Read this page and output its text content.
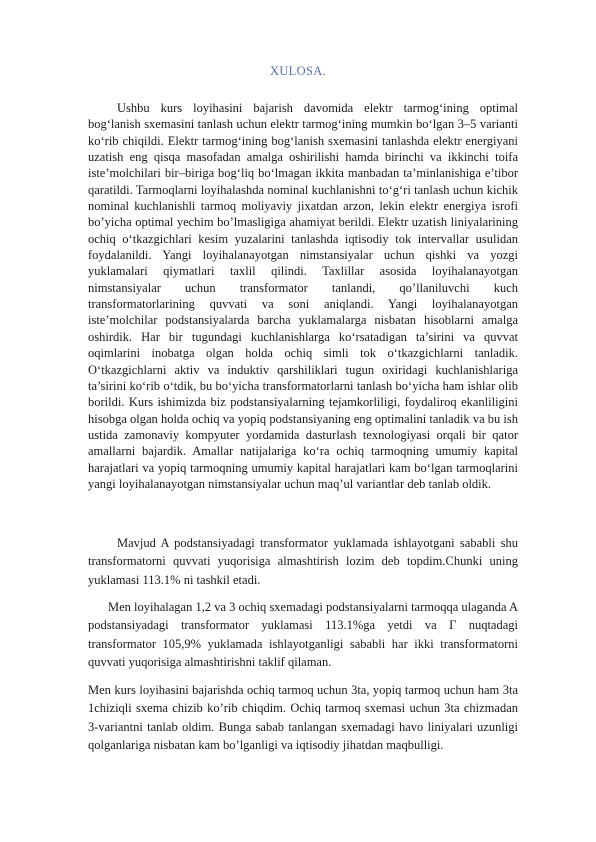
XULOSA.

Ushbu kurs loyihasini bajarish davomida elektr tarmog‘ining optimal bog‘lanish sxemasini tanlash uchun elektr tarmog‘ining mumkin bo‘lgan 3–5 varianti ko‘rib chiqildi. Elektr tarmog‘ining bog‘lanish sxemasini tanlashda elektr energiyani uzatish eng qisqa masofadan amalga oshirilishi hamda birinchi va ikkinchi toifa iste’molchilari bir–biriga bog‘liq bo‘lmagan ikkita manbadan ta’minlanishiga e’tibor qaratildi. Tarmoqlarni loyihalashda nominal kuchlanishni to‘g‘ri tanlash uchun kichik nominal kuchlanishli tarmoq moliyaviy jixatdan arzon, lekin elektr energiya isrofi bo’yicha optimal yechim bo’lmasligiga ahamiyat berildi. Elektr uzatish liniyalarining ochiq o‘tkazgichlari kesim yuzalarini tanlashda iqtisodiy tok intervallar usulidan foydalanildi. Yangi loyihalanayotgan nimstansiyalar uchun qishki va yozgi yuklamalari qiymatlari taxlil qilindi. Taxlillar asosida loyihalanayotgan nimstansiyalar uchun transformator tanlandi, qo’llaniluvchi kuch transformatorlarining quvvati va soni aniqlandi. Yangi loyihalanayotgan iste’molchilar podstansiyalarda barcha yuklamalarga nisbatan hisoblarni amalga oshirdik. Har bir tugundagi kuchlanishlarga ko‘rsatadigan ta’sirini va quvvat oqimlarini inobatga olgan holda ochiq simli tok o‘tkazgichlarni tanladik. O‘tkazgichlarni aktiv va induktiv qarshiliklari tugun oxiridagi kuchlanishlariga ta’sirini ko‘rib o‘tdik, bu bo‘yicha transformatorlarni tanlash bo‘yicha ham ishlar olib borildi. Kurs ishimizda biz podstansiyalarning tejamkorliligi, foydaliroq ekanliligini hisobga olgan holda ochiq va yopiq podstansiyaning eng optimalini tanladik va bu ish ustida zamonaviy kompyuter yordamida dasturlash texnologiyasi orqali bir qator amallarni bajardik. Amallar natijalariga ko‘ra ochiq tarmoqning umumiy kapital harajatlari va yopiq tarmoqning umumiy kapital harajatlari kam bo‘lgan tarmoqlarini yangi loyihalanayotgan nimstansiyalar uchun maq’ul variantlar deb tanlab oldik.

Mavjud A podstansiyadagi transformator yuklamada ishlayotgani sababli shu transformatorni quvvati yuqorisiga almashtirish lozim deb topdim.Chunki uning yuklamasi 113.1% ni tashkil etadi.

Men loyihalagan 1,2 va 3 ochiq sxemadagi podstansiyalarni tarmoqqa ulaganda A podstansiyadagi transformator yuklamasi 113.1%ga yetdi va Г nuqtadagi transformator 105,9% yuklamada ishlayotganligi sababli har ikki transformatorni quvvati yuqorisiga almashtirishni taklif qilaman.

Men kurs loyihasini bajarishda ochiq tarmoq uchun 3ta, yopiq tarmoq uchun ham 3ta 1chiziqli sxema chizib ko’rib chiqdim. Ochiq tarmoq sxemasi uchun 3ta chizmadan 3-variantni tanlab oldim. Bunga sabab tanlangan sxemadagi havo liniyalari uzunligi qolganlariga nisbatan kam bo’lganligi va iqtisodiy jihatdan maqbulligi.
